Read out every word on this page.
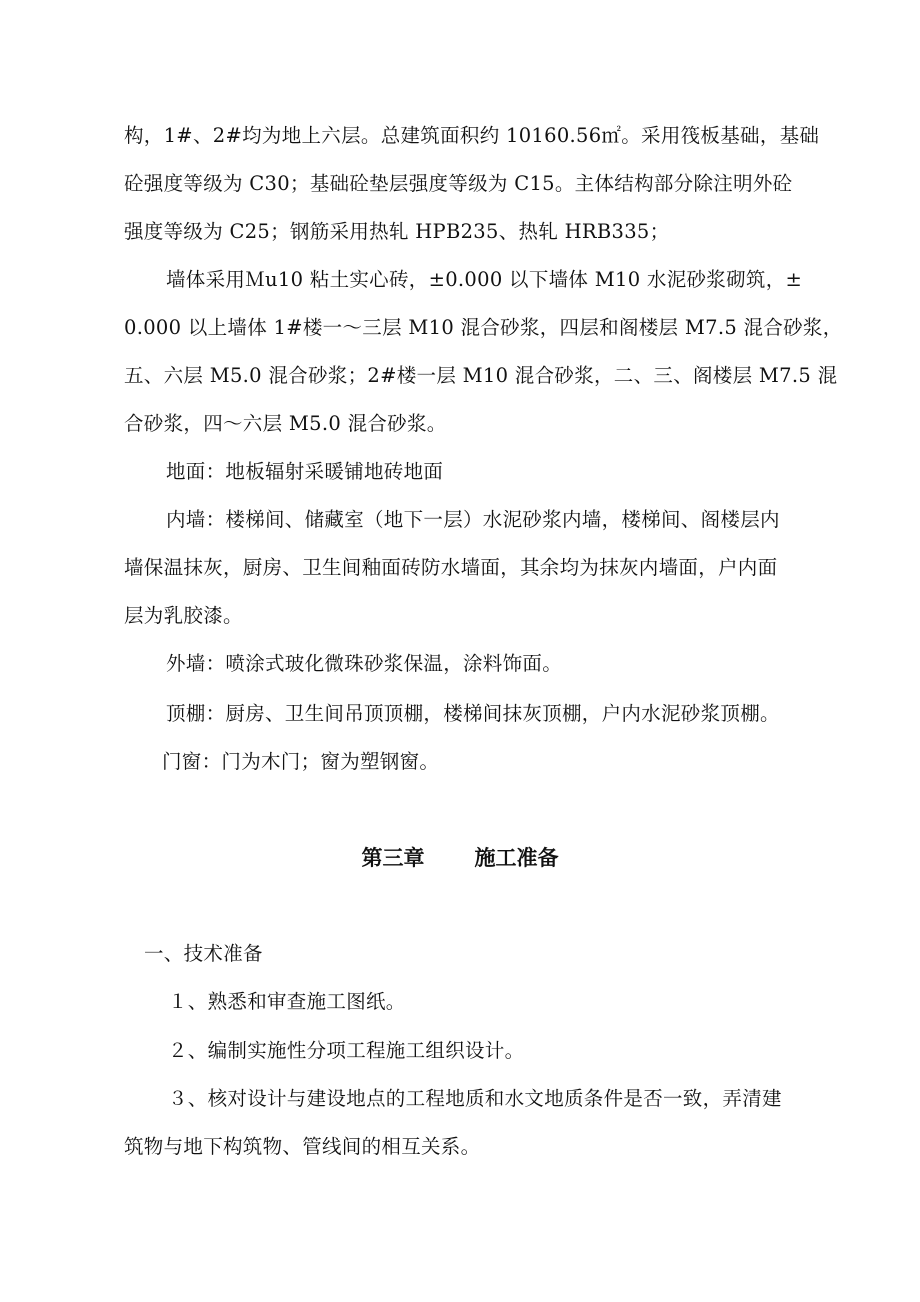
构，1#、2#均为地上六层。总建筑面积约 10160.56㎡。采用筏板基础，基础
砼强度等级为 C30；基础砼垫层强度等级为 C15。主体结构部分除注明外砼
强度等级为 C25；钢筋采用热轧 HPB235、热轧 HRB335；
墙体采用Ｍu10 粘土实心砖，±0.000 以下墙体 M10 水泥砂浆砌筑，±
0.000 以上墙体 1#楼一～三层 M10 混合砂浆，四层和阁楼层 M7.5 混合砂浆，
五、六层 M5.0 混合砂浆；2#楼一层 M10 混合砂浆，二、三、阁楼层 M7.5 混
合砂浆，四～六层 M5.0 混合砂浆。
地面：地板辐射采暖铺地砖地面
内墙：楼梯间、储藏室（地下一层）水泥砂浆内墙，楼梯间、阁楼层内
墙保温抹灰，厨房、卫生间釉面砖防水墙面，其余均为抹灰内墙面，户内面
层为乳胶漆。
外墙：喷涂式玻化微珠砂浆保温，涂料饰面。
顶棚：厨房、卫生间吊顶顶棚，楼梯间抹灰顶棚，户内水泥砂浆顶棚。
门窗：门为木门；窗为塑钢窗。
第三章 施工准备
一、技术准备
１、熟悉和审查施工图纸。
２、编制实施性分项工程施工组织设计。
３、核对设计与建设地点的工程地质和水文地质条件是否一致，弄清建
筑物与地下构筑物、管线间的相互关系。
